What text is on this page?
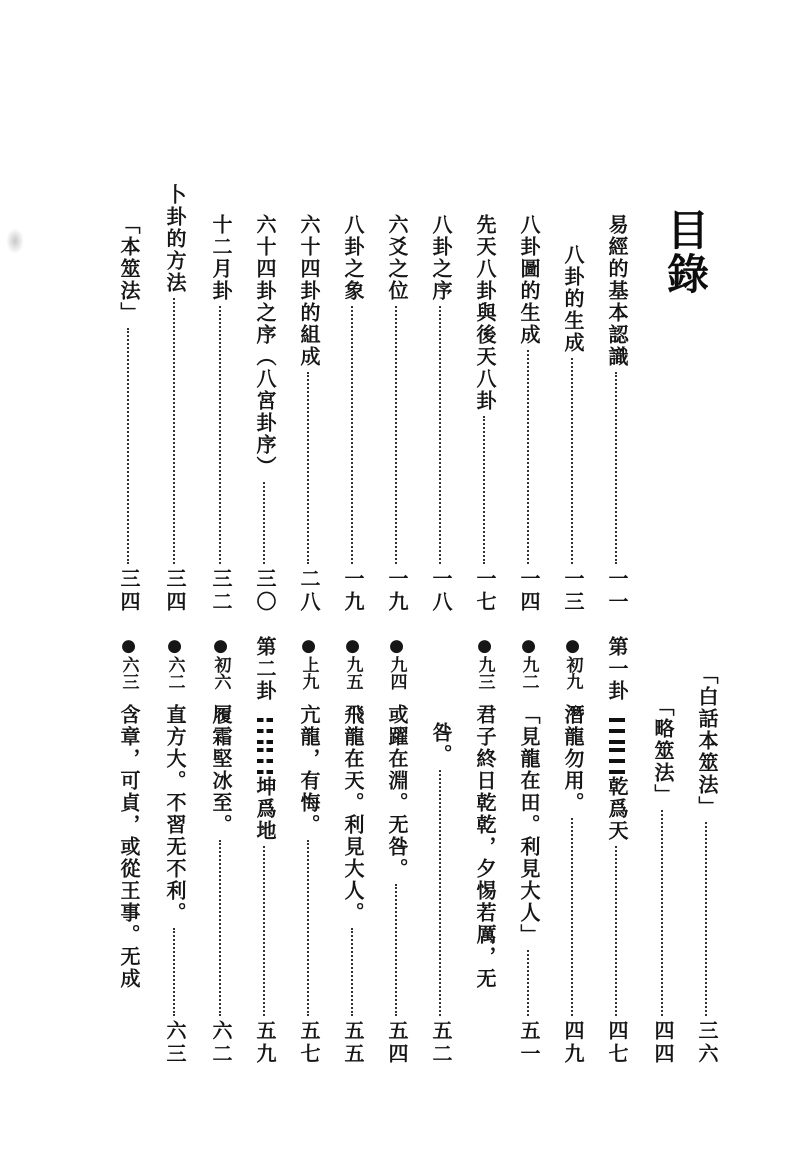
目錄
易經的基本認識
一一
八卦的生成
一三
八卦圖的生成
一四
先天八卦與後天八卦
一七
八卦之序
一八
六爻之位
一九
八卦之象
一九
六十四卦的組成
二八
六十四卦之序（八宮卦序）
三〇
十二月卦
三二
卜卦的方法
三四
「本筮法」
三四
「白話本筮法」
三六
「略筮法」
四四
第一卦
乾爲天
四七
●初九
潛龍勿用。
四九
●九二
「見龍在田。利見大人」
五一
●九三
君子終日乾乾，夕惕若厲，无
咎。
五二
●九四
或躍在淵。无咎。
五四
●九五
飛龍在天。利見大人。
五五
●上九
亢龍，有悔。
五七
第二卦
坤爲地
五九
●初六
履霜堅冰至。
六二
●六二
直方大。不習无不利。
六三
●六三
含章，可貞，或從王事。无成
